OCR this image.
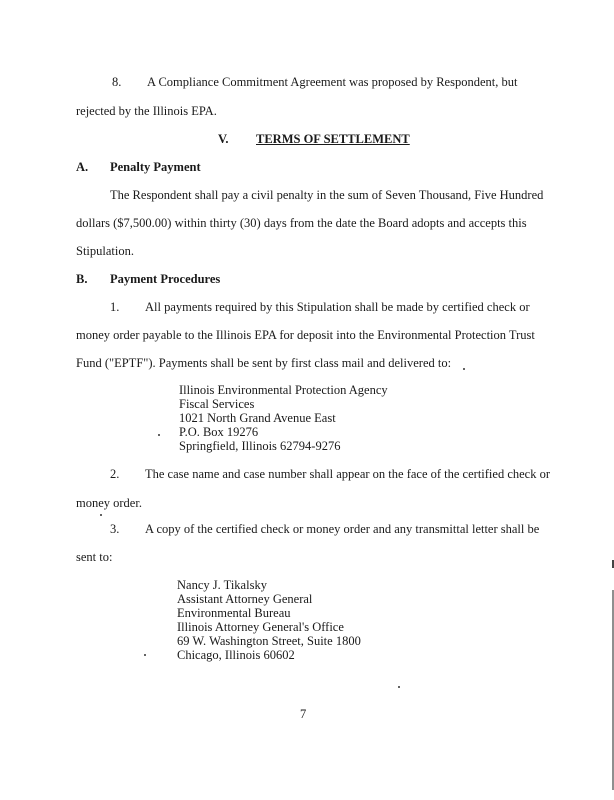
8. A Compliance Commitment Agreement was proposed by Respondent, but
rejected by the Illinois EPA.
V. TERMS OF SETTLEMENT
A. Penalty Payment
The Respondent shall pay a civil penalty in the sum of Seven Thousand, Five Hundred
dollars ($7,500.00) within thirty (30) days from the date the Board adopts and accepts this
Stipulation.
B. Payment Procedures
1. All payments required by this Stipulation shall be made by certified check or
money order payable to the Illinois EPA for deposit into the Environmental Protection Trust
Fund ("EPTF"). Payments shall be sent by first class mail and delivered to:
Illinois Environmental Protection Agency
Fiscal Services
1021 North Grand Avenue East
P.O. Box 19276
Springfield, Illinois 62794-9276
2. The case name and case number shall appear on the face of the certified check or
money order.
3. A copy of the certified check or money order and any transmittal letter shall be
sent to:
Nancy J. Tikalsky
Assistant Attorney General
Environmental Bureau
Illinois Attorney General's Office
69 W. Washington Street, Suite 1800
Chicago, Illinois 60602
7
